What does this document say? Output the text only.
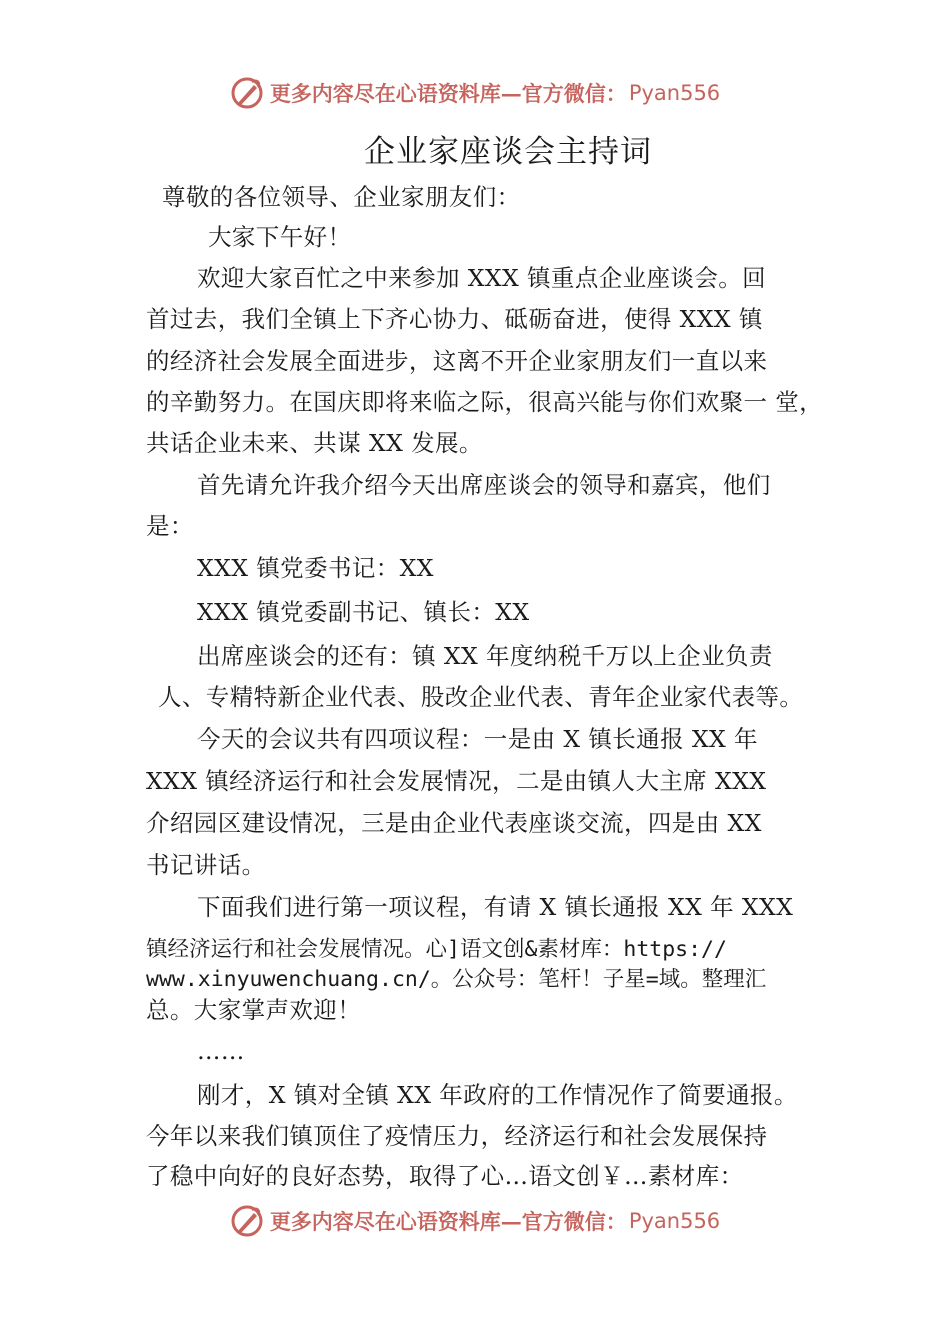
更多内容尽在心语资料库—官方微信： Pyan556
企业家座谈会主持词
尊敬的各位领导、企业家朋友们：
大家下午好！
欢迎大家百忙之中来参加 XXX 镇重点企业座谈会。回
首过去，我们全镇上下齐心协力、砥砺奋进，使得 XXX 镇
的经济社会发展全面进步，这离不开企业家朋友们一直以来
的辛勤努力。在国庆即将来临之际，很高兴能与你们欢聚一 堂，
共话企业未来、共谋 XX 发展。
首先请允许我介绍今天出席座谈会的领导和嘉宾，他们
是：
XXX 镇党委书记：XX
XXX 镇党委副书记、镇长：XX
出席座谈会的还有：镇 XX 年度纳税千万以上企业负责
人、专精特新企业代表、股改企业代表、青年企业家代表等。
今天的会议共有四项议程：一是由 X 镇长通报 XX 年
XXX 镇经济运行和社会发展情况，二是由镇人大主席 XXX
介绍园区建设情况，三是由企业代表座谈交流，四是由 XX
书记讲话。
下面我们进行第一项议程，有请 X 镇长通报 XX 年 XXX
镇经济运行和社会发展情况。心]语文创&素材库：https://
www.xinyuwenchuang.cn/。公众号：笔杆！子星=域。整理汇
总。大家掌声欢迎！
……
刚才，X 镇对全镇 XX 年政府的工作情况作了简要通报。
今年以来我们镇顶住了疫情压力，经济运行和社会发展保持
了稳中向好的良好态势，取得了心…语文创￥…素材库：
更多内容尽在心语资料库—官方微信： Pyan556
